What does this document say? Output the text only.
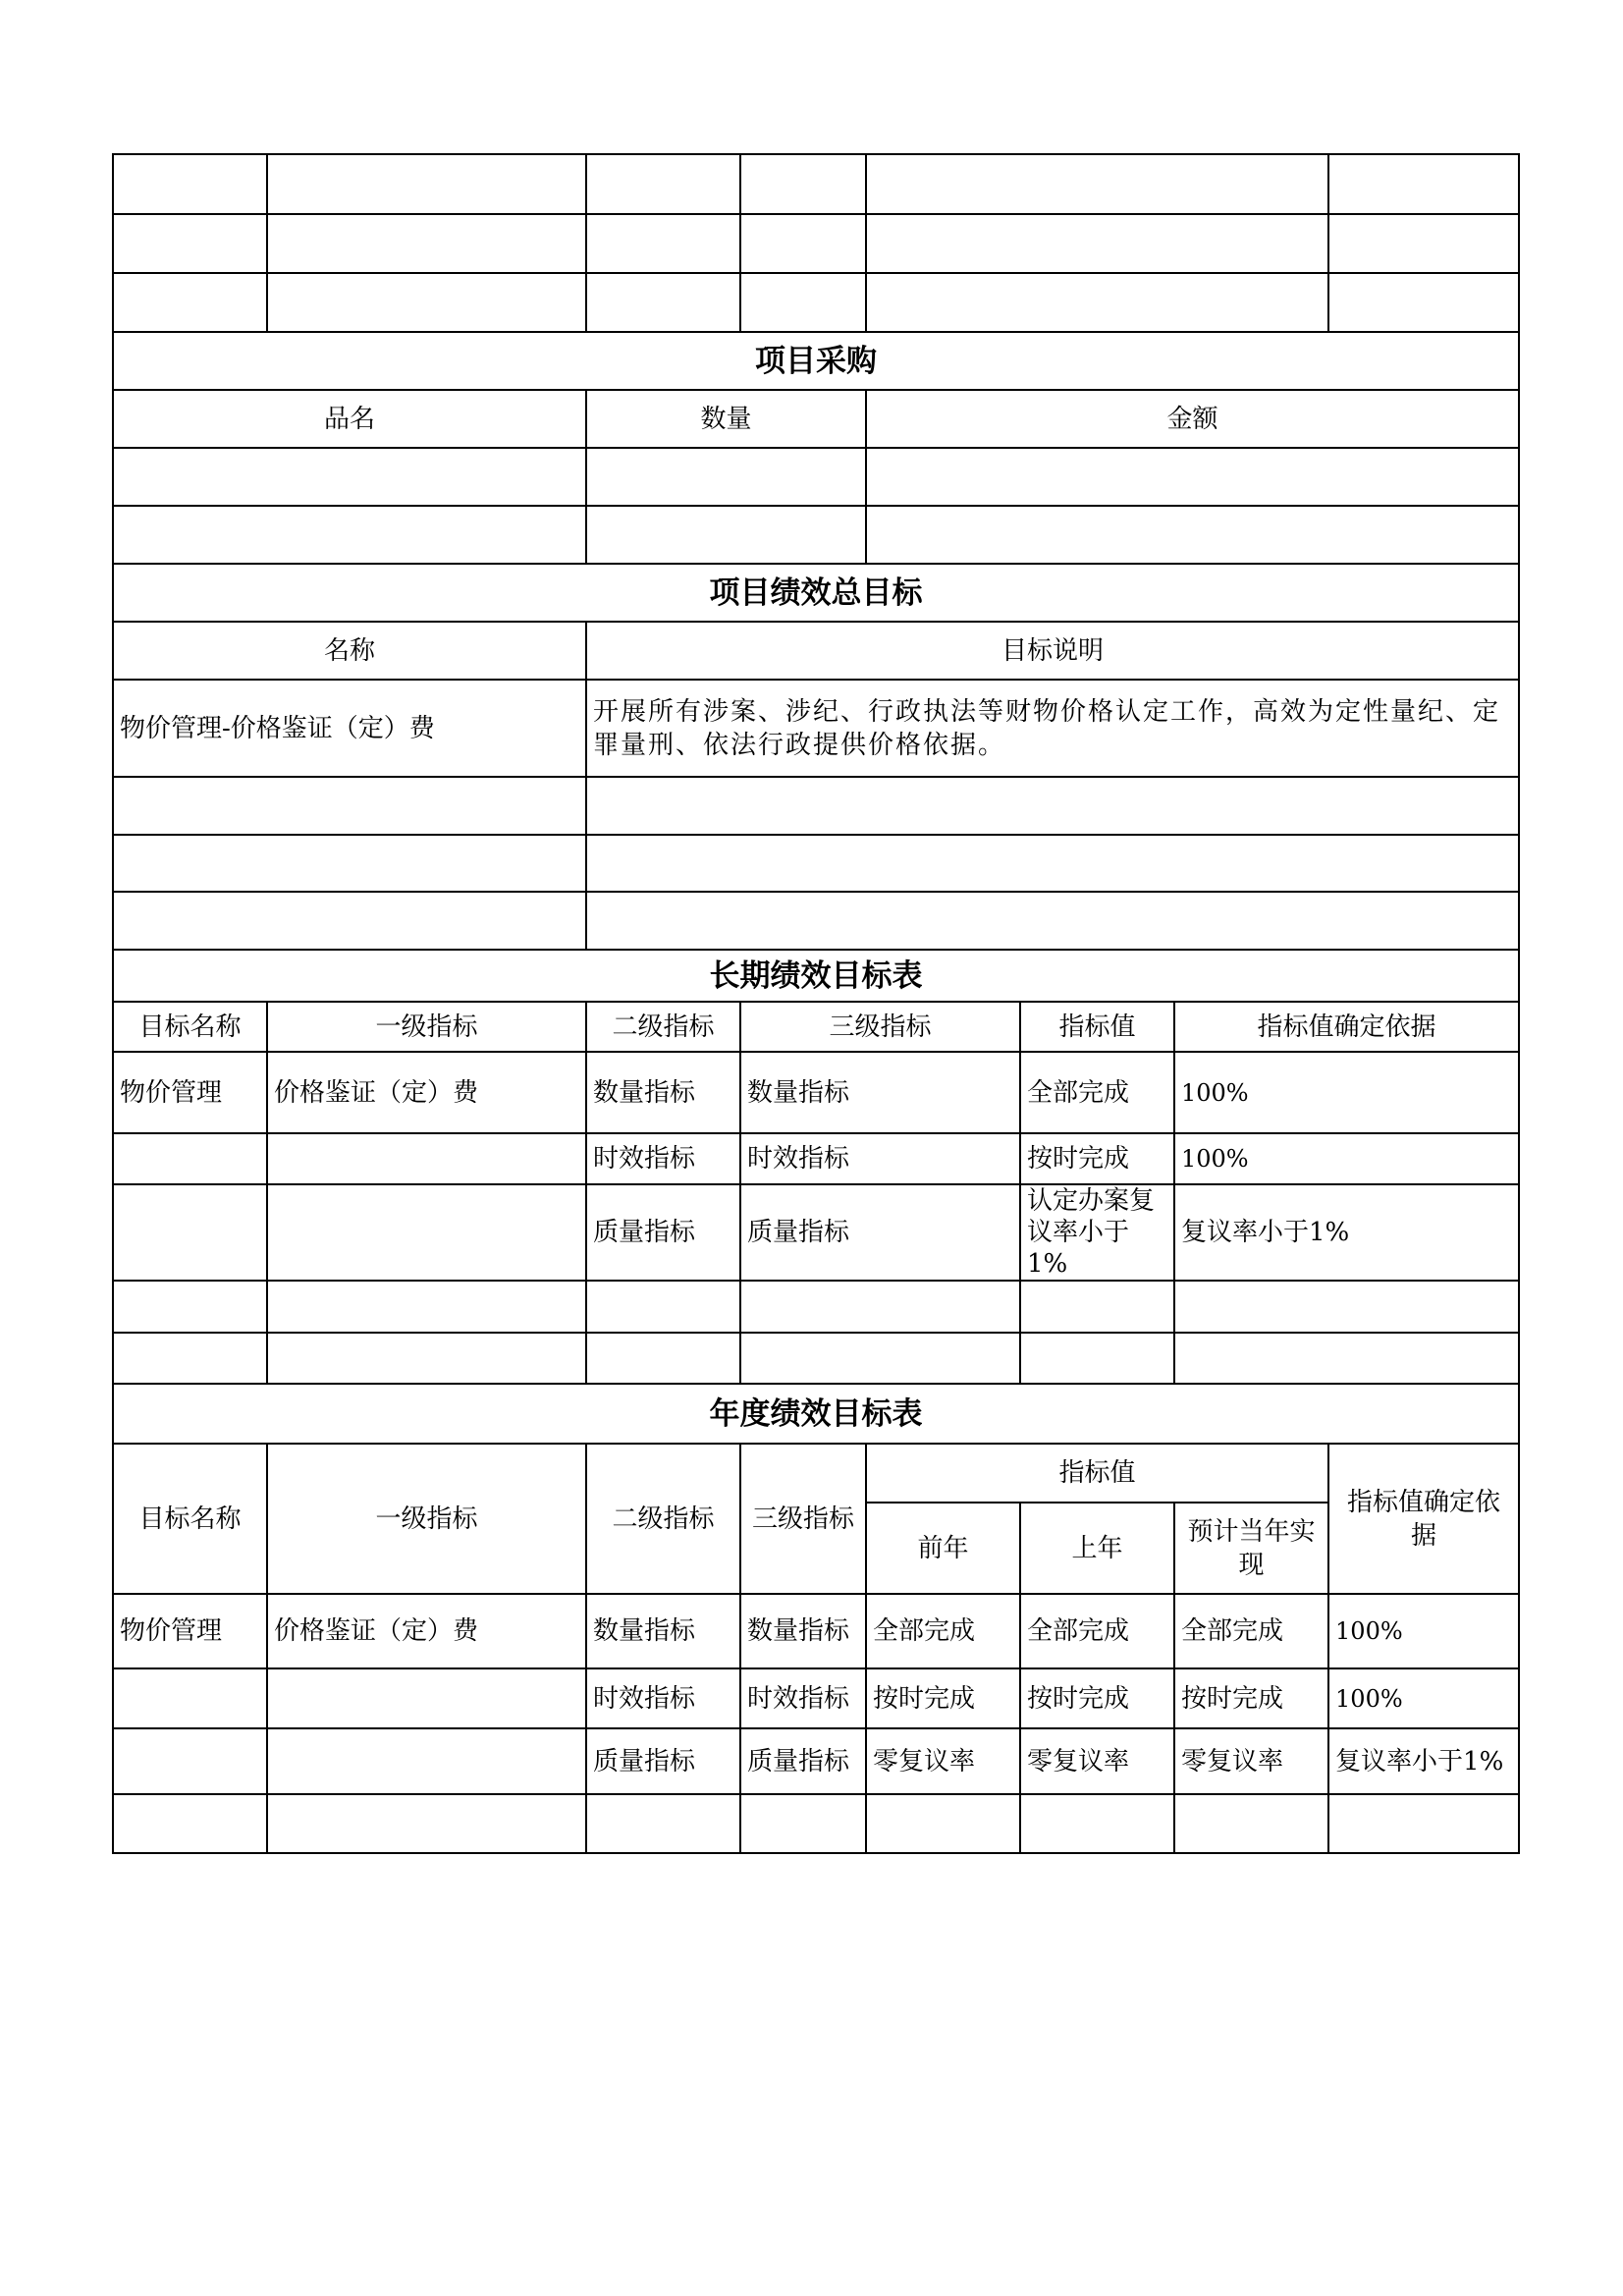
项目采购							
品名		数量		金额			

项目绩效总目标							
名称		目标说明					
物价管理-价格鉴证（定）费		开展所有涉案、涉纪、行政执法等财物价格认定工作，高效为定性量纪、定罪量刑、依法行政提供价格依据。					

长期绩效目标表							
目标名称	一级指标	二级指标	三级指标		指标值	指标值确定依据	
物价管理	价格鉴证（定）费	数量指标	数量指标		全部完成	100%	
		时效指标	时效指标		按时完成	100%	
		质量指标	质量指标		认定办案复议率小于1%	复议率小于1%	

年度绩效目标表							
目标名称	一级指标	二级指标	三级指标	指标值			指标值确定依据
				前年	上年	预计当年实现	
物价管理	价格鉴证（定）费	数量指标	数量指标	全部完成	全部完成	全部完成	100%
		时效指标	时效指标	按时完成	按时完成	按时完成	100%
		质量指标	质量指标	零复议率	零复议率	零复议率	复议率小于1%
